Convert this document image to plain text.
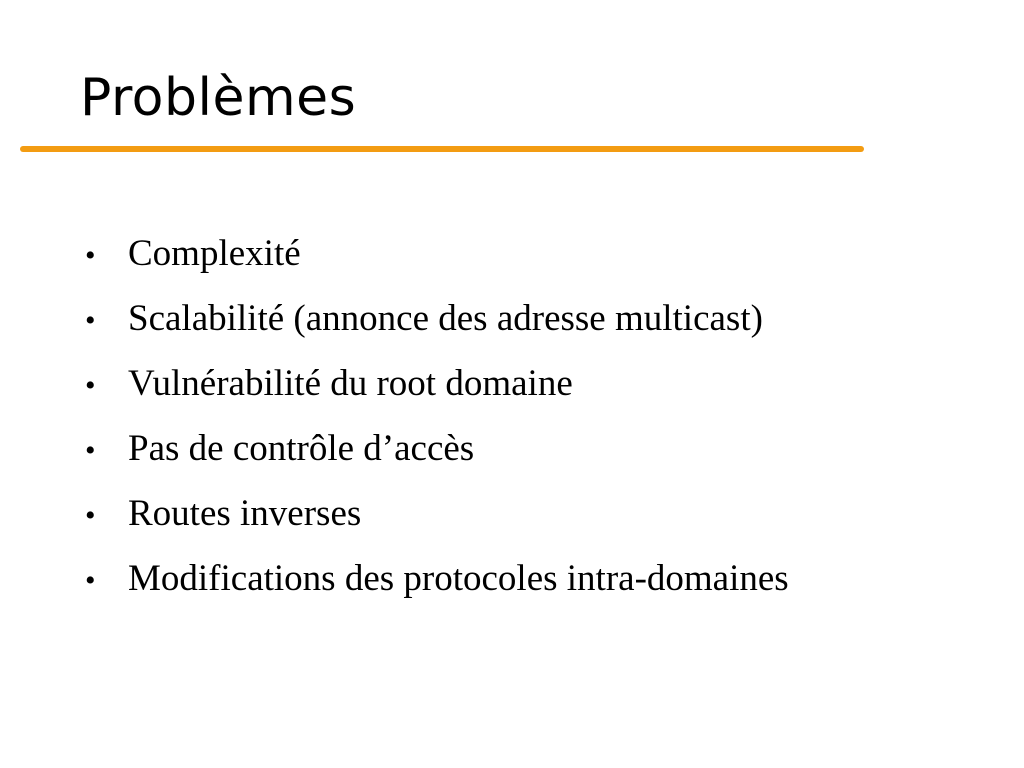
Problèmes
• Complexité
• Scalabilité (annonce des adresse multicast)
• Vulnérabilité du root domaine
• Pas de contrôle d’accès
• Routes inverses
• Modifications des protocoles intra-domaines
